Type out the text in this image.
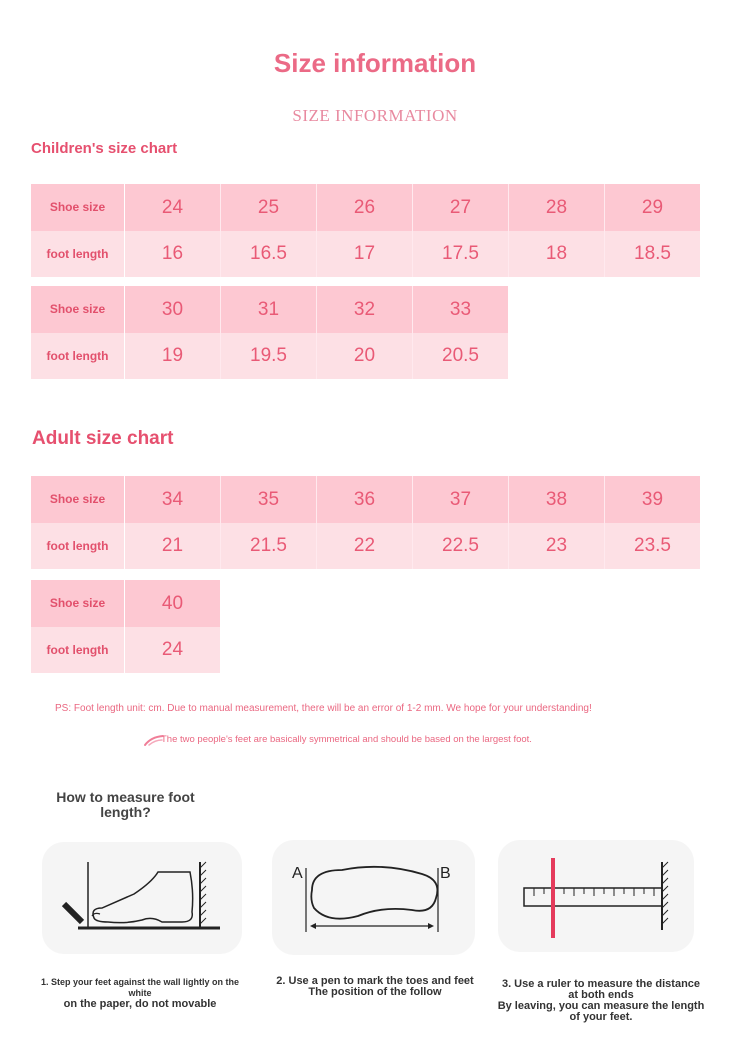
Size information
SIZE INFORMATION
Children's size chart
Shoe size	24	25	26	27	28	29
foot length	16	16.5	17	17.5	18	18.5
Shoe size	30	31	32	33
foot length	19	19.5	20	20.5
Adult size chart
Shoe size	34	35	36	37	38	39
foot length	21	21.5	22	22.5	23	23.5
Shoe size	40
foot length	24
PS: Foot length unit: cm. Due to manual measurement, there will be an error of 1-2 mm. We hope for your understanding!
The two people's feet are basically symmetrical and should be based on the largest foot.
How to measure foot length?
A	B
1. Step your feet against the wall lightly on the white
on the paper, do not movable
2. Use a pen to mark the toes and feet
The position of the follow
3. Use a ruler to measure the distance at both ends
By leaving, you can measure the length of your feet.
